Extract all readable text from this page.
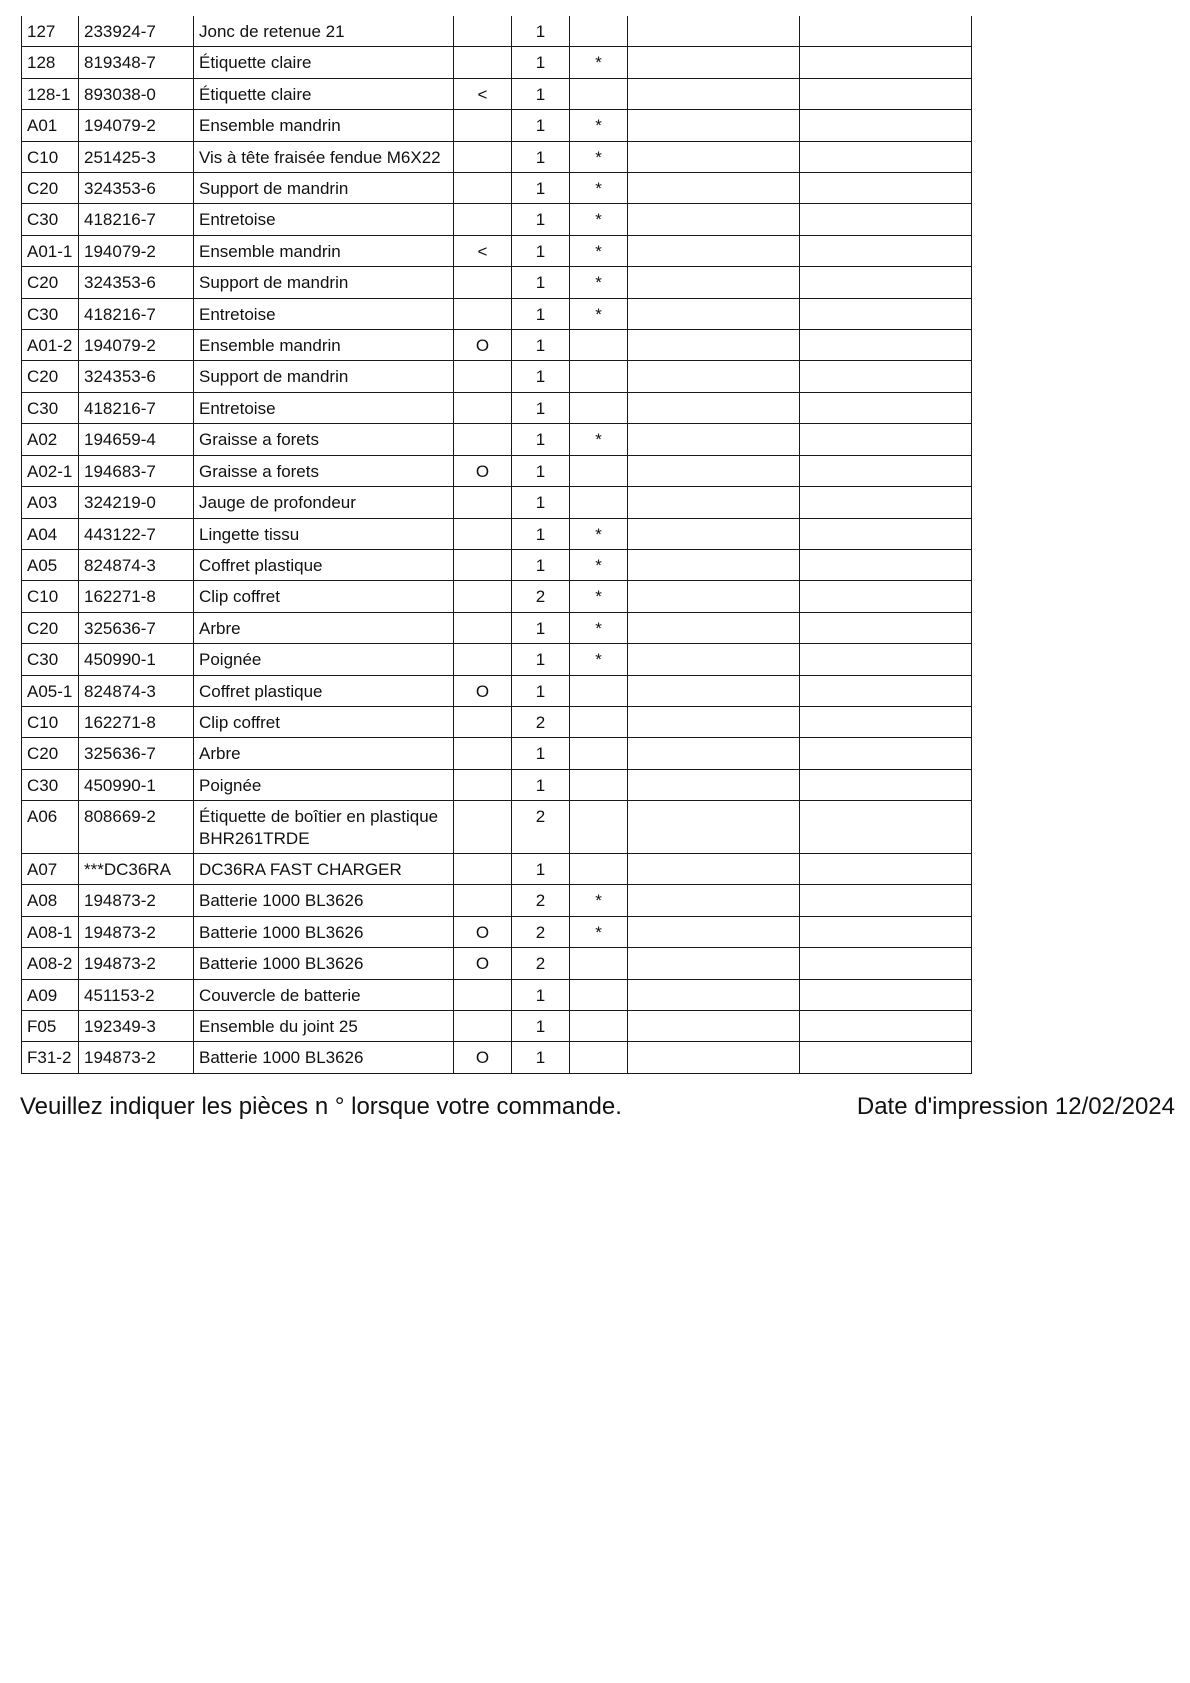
127	233924-7	Jonc de retenue 21		1			
128	819348-7	Étiquette claire		1	*		
128-1	893038-0	Étiquette claire	<	1			
A01	194079-2	Ensemble mandrin		1	*		
C10	251425-3	Vis à tête fraisée fendue M6X22		1	*		
C20	324353-6	Support de mandrin		1	*		
C30	418216-7	Entretoise		1	*		
A01-1	194079-2	Ensemble mandrin	<	1	*		
C20	324353-6	Support de mandrin		1	*		
C30	418216-7	Entretoise		1	*		
A01-2	194079-2	Ensemble mandrin	O	1			
C20	324353-6	Support de mandrin		1			
C30	418216-7	Entretoise		1			
A02	194659-4	Graisse a forets		1	*		
A02-1	194683-7	Graisse a forets	O	1			
A03	324219-0	Jauge de profondeur		1			
A04	443122-7	Lingette tissu		1	*		
A05	824874-3	Coffret plastique		1	*		
C10	162271-8	Clip coffret		2	*		
C20	325636-7	Arbre		1	*		
C30	450990-1	Poignée		1	*		
A05-1	824874-3	Coffret plastique	O	1			
C10	162271-8	Clip coffret		2			
C20	325636-7	Arbre		1			
C30	450990-1	Poignée		1			
A06	808669-2	Étiquette de boîtier en plastique BHR261TRDE		2			
A07	***DC36RA	DC36RA FAST CHARGER		1			
A08	194873-2	Batterie 1000 BL3626		2	*		
A08-1	194873-2	Batterie 1000 BL3626	O	2	*		
A08-2	194873-2	Batterie 1000 BL3626	O	2			
A09	451153-2	Couvercle de batterie		1			
F05	192349-3	Ensemble du joint 25		1			
F31-2	194873-2	Batterie 1000 BL3626	O	1			
Veuillez indiquer les pièces n ° lorsque votre commande.	Date d'impression 12/02/2024
